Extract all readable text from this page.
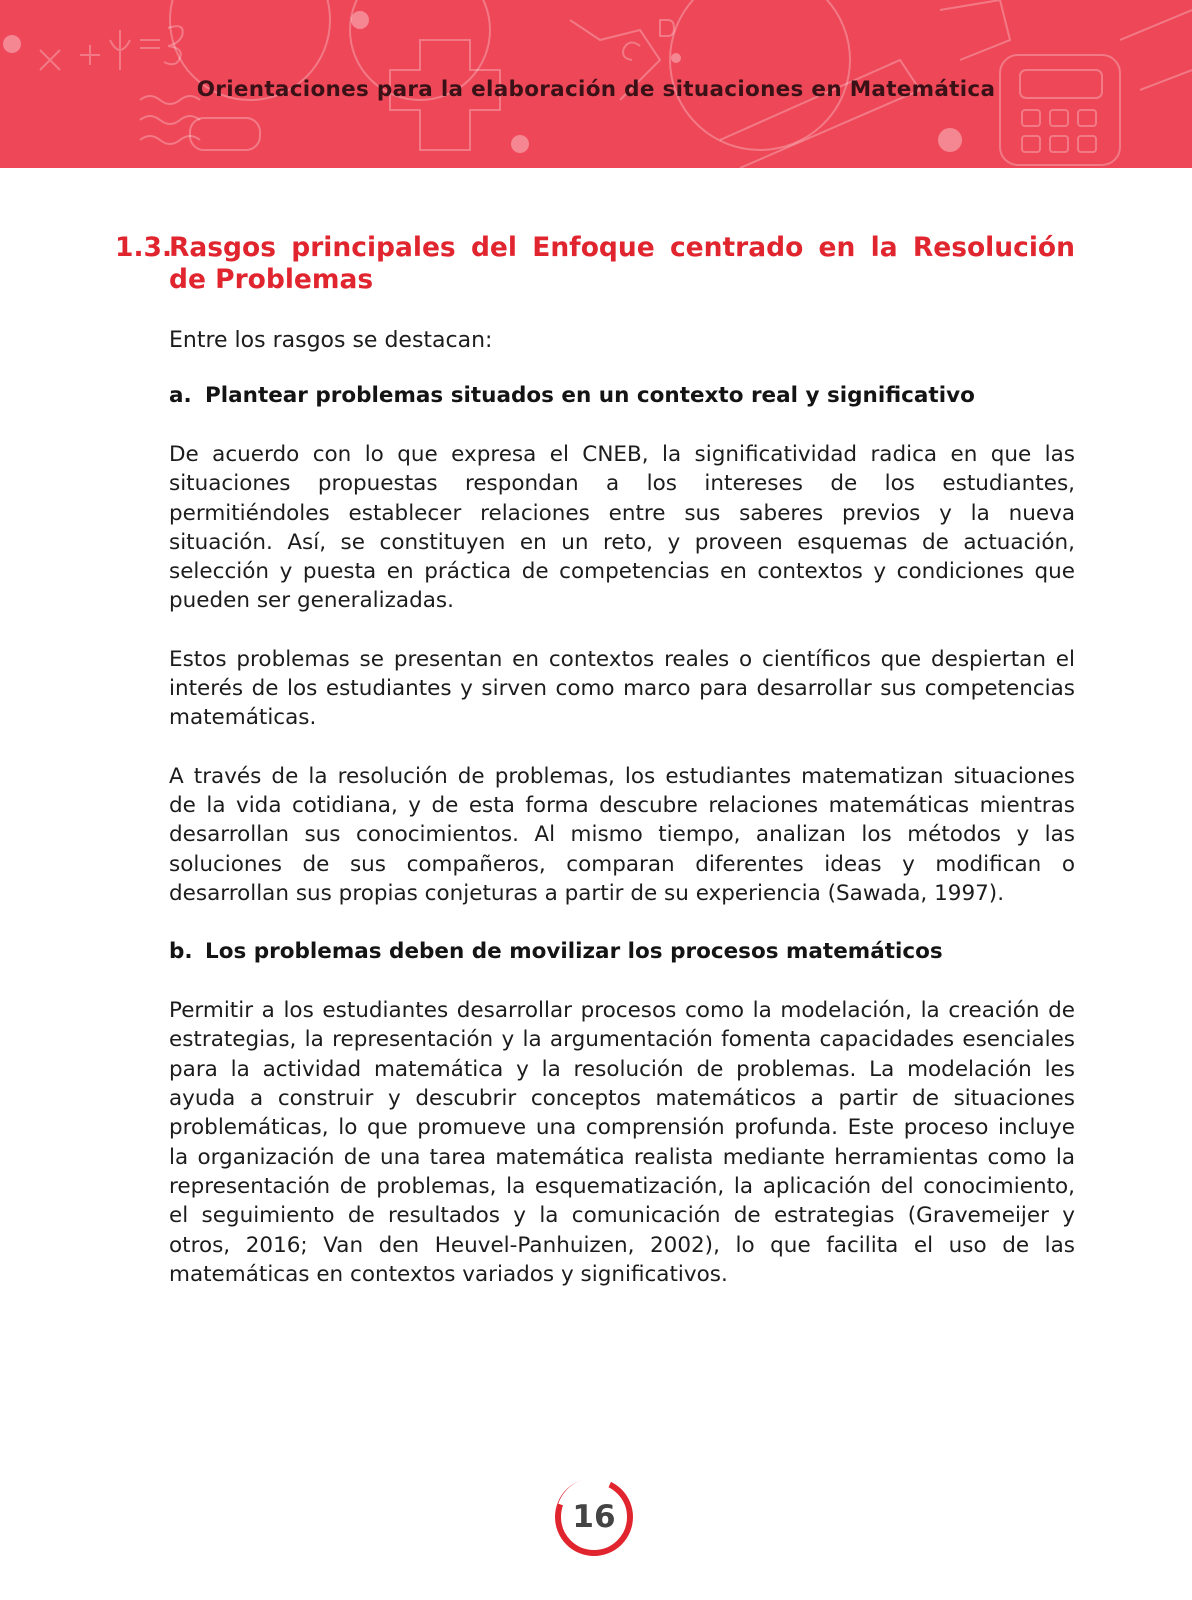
Orientaciones para la elaboración de situaciones en Matemática
1.3.
Rasgos principales del Enfoque centrado en la Resolución de Problemas

Entre los rasgos se destacan:

a. Plantear problemas situados en un contexto real y significativo

De acuerdo con lo que expresa el CNEB, la significatividad radica en que las situaciones propuestas respondan a los intereses de los estudiantes, permitiéndoles establecer relaciones entre sus saberes previos y la nueva situación. Así, se constituyen en un reto, y proveen esquemas de actuación, selección y puesta en práctica de competencias en contextos y condiciones que pueden ser generalizadas.

Estos problemas se presentan en contextos reales o científicos que despiertan el interés de los estudiantes y sirven como marco para desarrollar sus competencias matemáticas.

A través de la resolución de problemas, los estudiantes matematizan situaciones de la vida cotidiana, y de esta forma descubre relaciones matemáticas mientras desarrollan sus conocimientos. Al mismo tiempo, analizan los métodos y las soluciones de sus compañeros, comparan diferentes ideas y modifican o desarrollan sus propias conjeturas a partir de su experiencia (Sawada, 1997).

b. Los problemas deben de movilizar los procesos matemáticos

Permitir a los estudiantes desarrollar procesos como la modelación, la creación de estrategias, la representación y la argumentación fomenta capacidades esenciales para la actividad matemática y la resolución de problemas. La modelación les ayuda a construir y descubrir conceptos matemáticos a partir de situaciones problemáticas, lo que promueve una comprensión profunda. Este proceso incluye la organización de una tarea matemática realista mediante herramientas como la representación de problemas, la esquematización, la aplicación del conocimiento, el seguimiento de resultados y la comunicación de estrategias (Gravemeijer y otros, 2016; Van den Heuvel-Panhuizen, 2002), lo que facilita el uso de las matemáticas en contextos variados y significativos.

16
